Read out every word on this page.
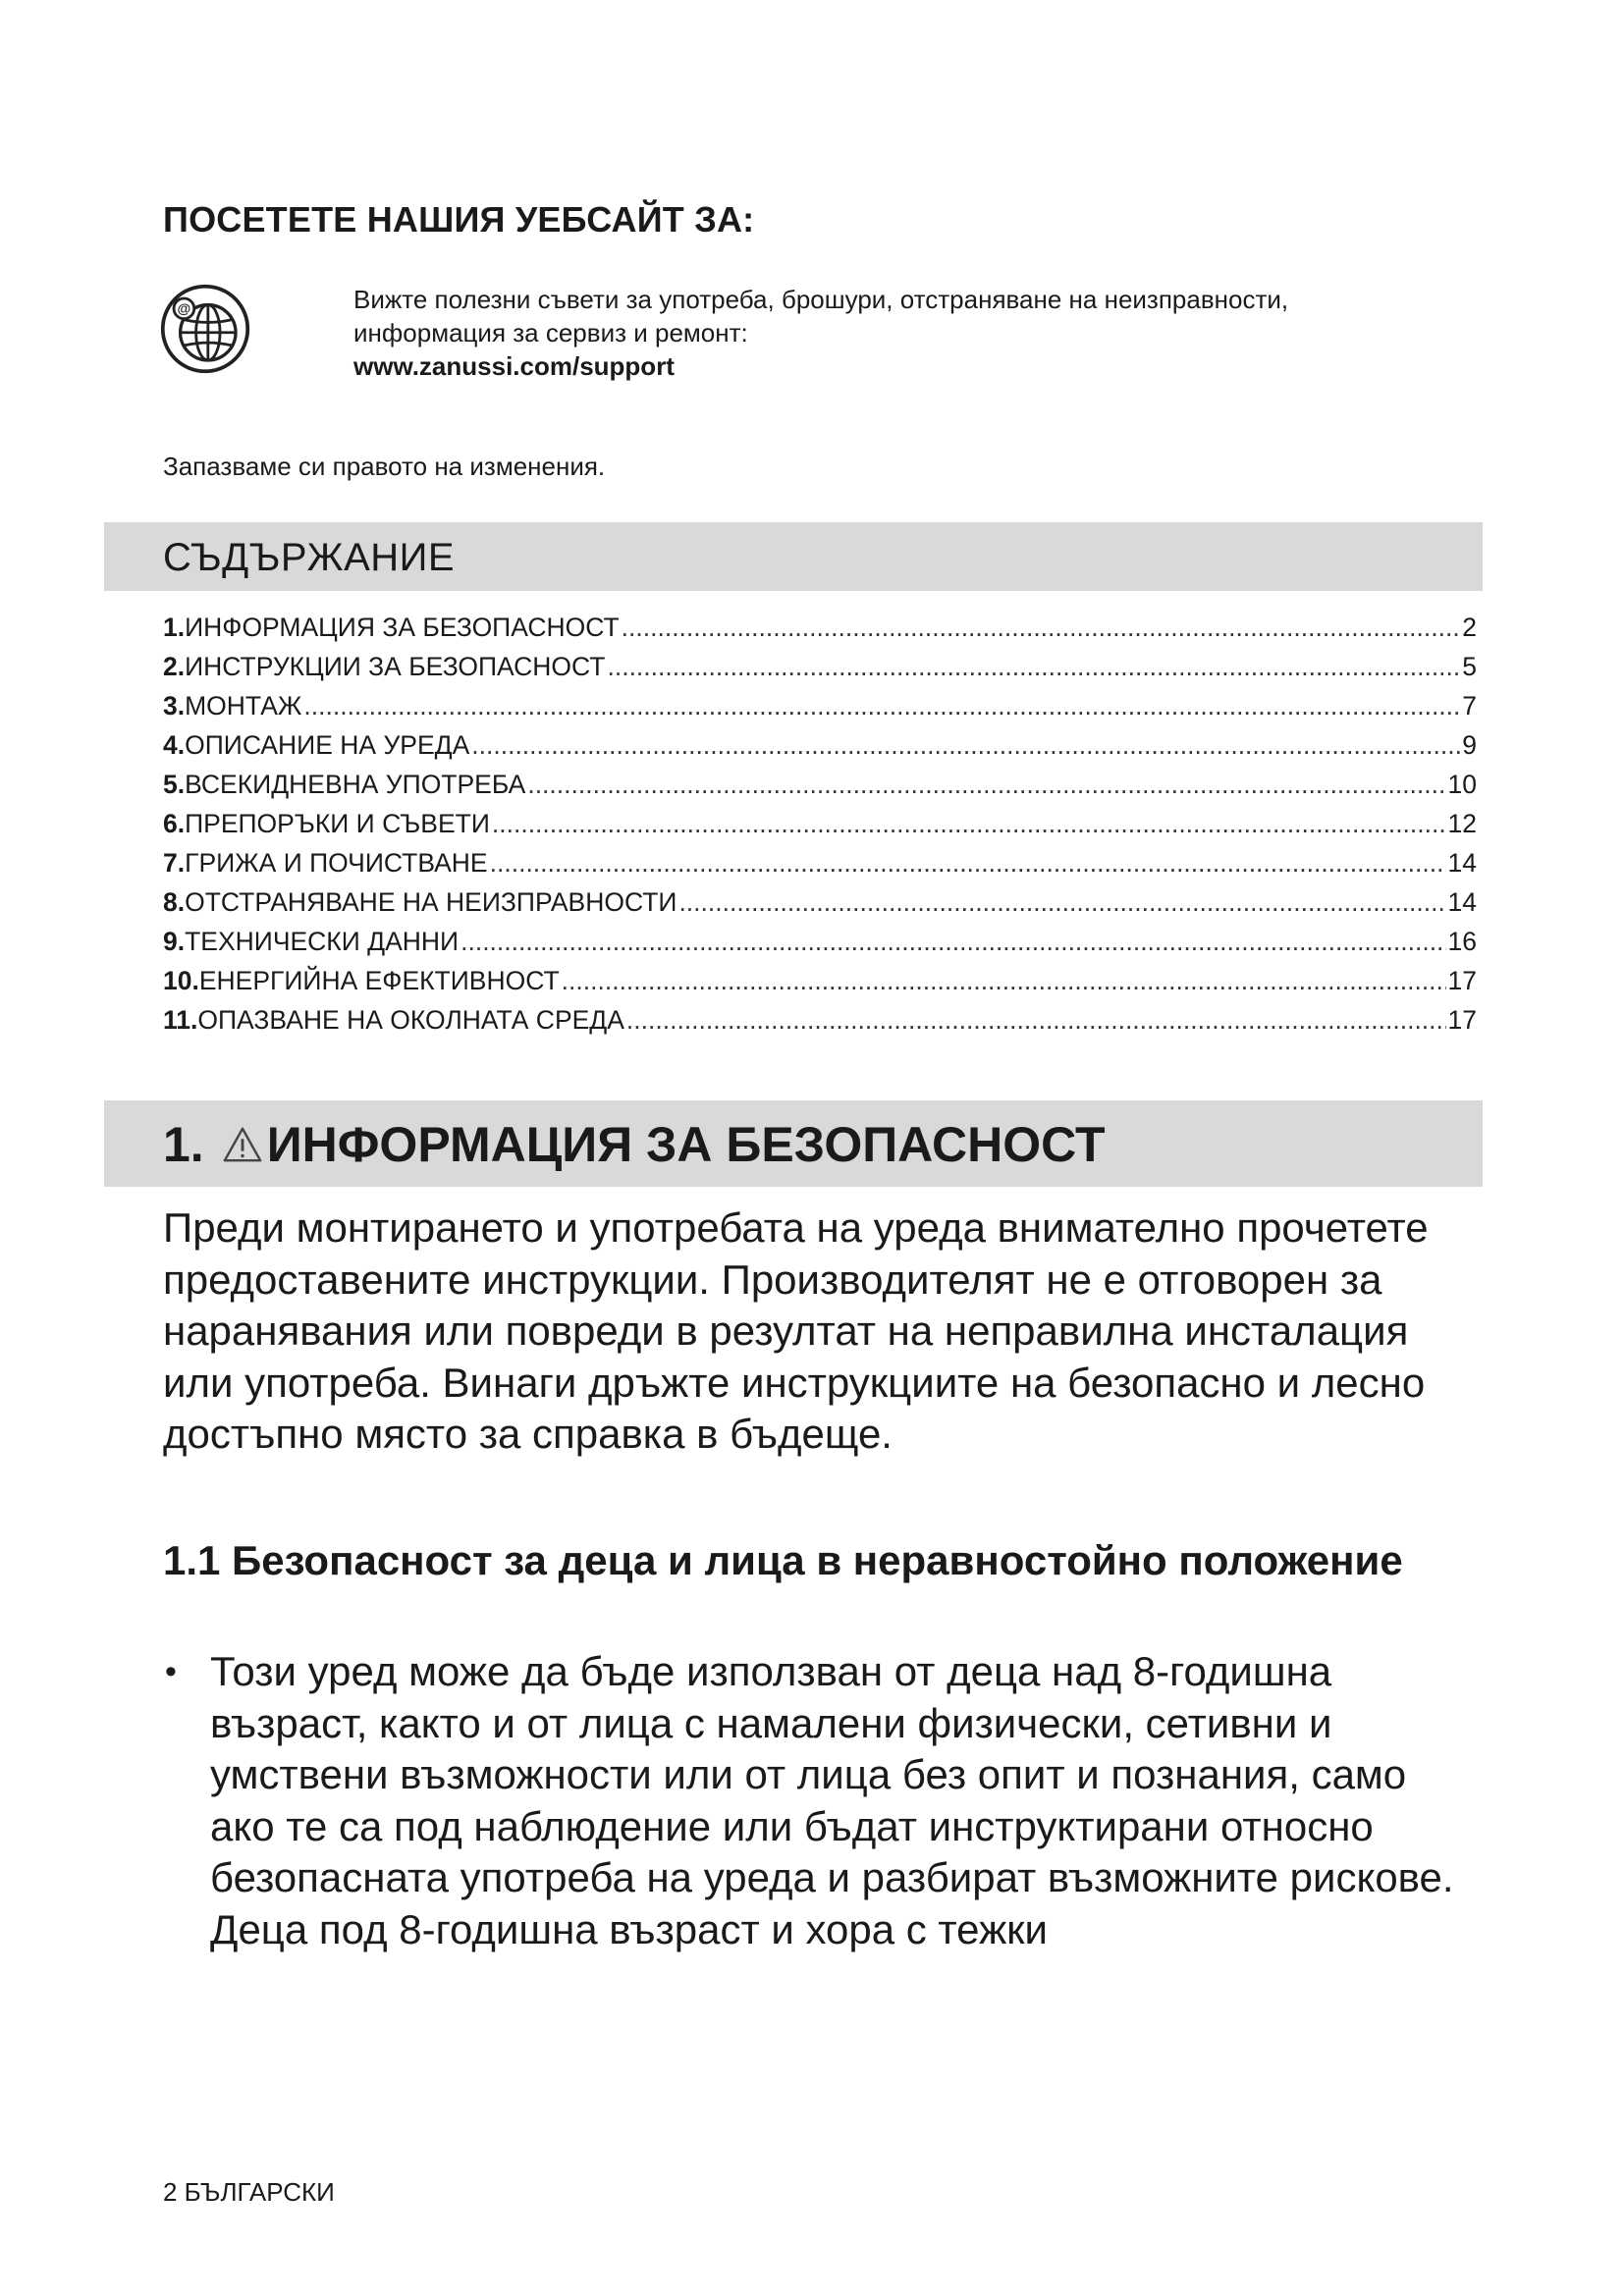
ПОСЕТЕТЕ НАШИЯ УЕБСАЙТ ЗА:
@	Вижте полезни съвети за употреба, брошури, отстраняване на неизправности,
информация за сервиз и ремонт:
www.zanussi.com/support
Запазваме си правото на изменения.
СЪДЪРЖАНИЕ
1. ИНФОРМАЦИЯ ЗА БЕЗОПАСНОСТ .....	2
2. ИНСТРУКЦИИ ЗА БЕЗОПАСНОСТ .....	5
3. МОНТАЖ .....	7
4. ОПИСАНИЕ НА УРЕДА .....	9
5. ВСЕКИДНЕВНА УПОТРЕБА .....	10
6. ПРЕПОРЪКИ И СЪВЕТИ .....	12
7. ГРИЖА И ПОЧИСТВАНЕ .....	14
8. ОТСТРАНЯВАНЕ НА НЕИЗПРАВНОСТИ .....	14
9. ТЕХНИЧЕСКИ ДАННИ .....	16
10. ЕНЕРГИЙНА ЕФЕКТИВНОСТ .....	17
11. ОПАЗВАНЕ НА ОКОЛНАТА СРЕДА .....	17
1. ИНФОРМАЦИЯ ЗА БЕЗОПАСНОСТ

Преди монтирането и употребата на уреда внимателно прочетете предоставените инструкции. Производителят не е отговорен за наранявания или повреди в резултат на неправилна инсталация или употреба. Винаги дръжте инструкциите на безопасно и лесно достъпно място за справка в бъдеще.

1.1 Безопасност за деца и лица в неравностойно положение

• Този уред може да бъде използван от деца над 8-годишна възраст, както и от лица с намалени физически, сетивни и умствени възможности или от лица без опит и познания, само ако те са под наблюдение или бъдат инструктирани относно безопасната употреба на уреда и разбират възможните рискове. Деца под 8-годишна възраст и хора с тежки

2 БЪЛГАРСКИ
